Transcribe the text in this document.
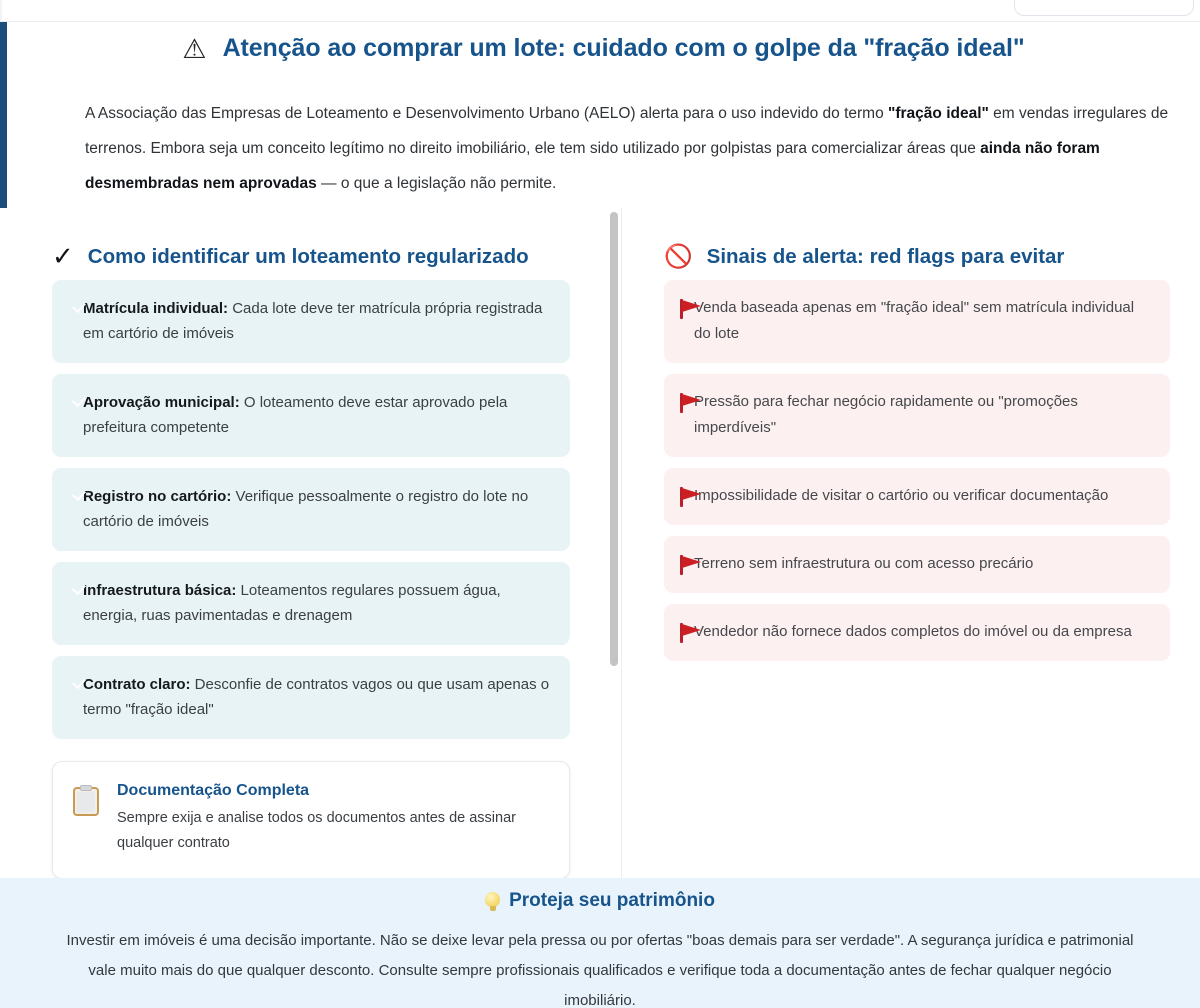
⚠ Atenção ao comprar um lote: cuidado com o golpe da "fração ideal"
A Associação das Empresas de Loteamento e Desenvolvimento Urbano (AELO) alerta para o uso indevido do termo "fração ideal" em vendas irregulares de terrenos. Embora seja um conceito legítimo no direito imobiliário, ele tem sido utilizado por golpistas para comercializar áreas que ainda não foram desmembradas nem aprovadas — o que a legislação não permite.
✓ Como identificar um loteamento regularizado
Matrícula individual: Cada lote deve ter matrícula própria registrada em cartório de imóveis
Aprovação municipal: O loteamento deve estar aprovado pela prefeitura competente
Registro no cartório: Verifique pessoalmente o registro do lote no cartório de imóveis
Infraestrutura básica: Loteamentos regulares possuem água, energia, ruas pavimentadas e drenagem
Contrato claro: Desconfie de contratos vagos ou que usam apenas o termo "fração ideal"
Documentação Completa
Sempre exija e analise todos os documentos antes de assinar qualquer contrato
🚫 Sinais de alerta: red flags para evitar
Venda baseada apenas em "fração ideal" sem matrícula individual do lote
Pressão para fechar negócio rapidamente ou "promoções imperdíveis"
Impossibilidade de visitar o cartório ou verificar documentação
Terreno sem infraestrutura ou com acesso precário
Vendedor não fornece dados completos do imóvel ou da empresa
Proteja seu patrimônio
Investir em imóveis é uma decisão importante. Não se deixe levar pela pressa ou por ofertas "boas demais para ser verdade". A segurança jurídica e patrimonial vale muito mais do que qualquer desconto. Consulte sempre profissionais qualificados e verifique toda a documentação antes de fechar qualquer negócio imobiliário.
